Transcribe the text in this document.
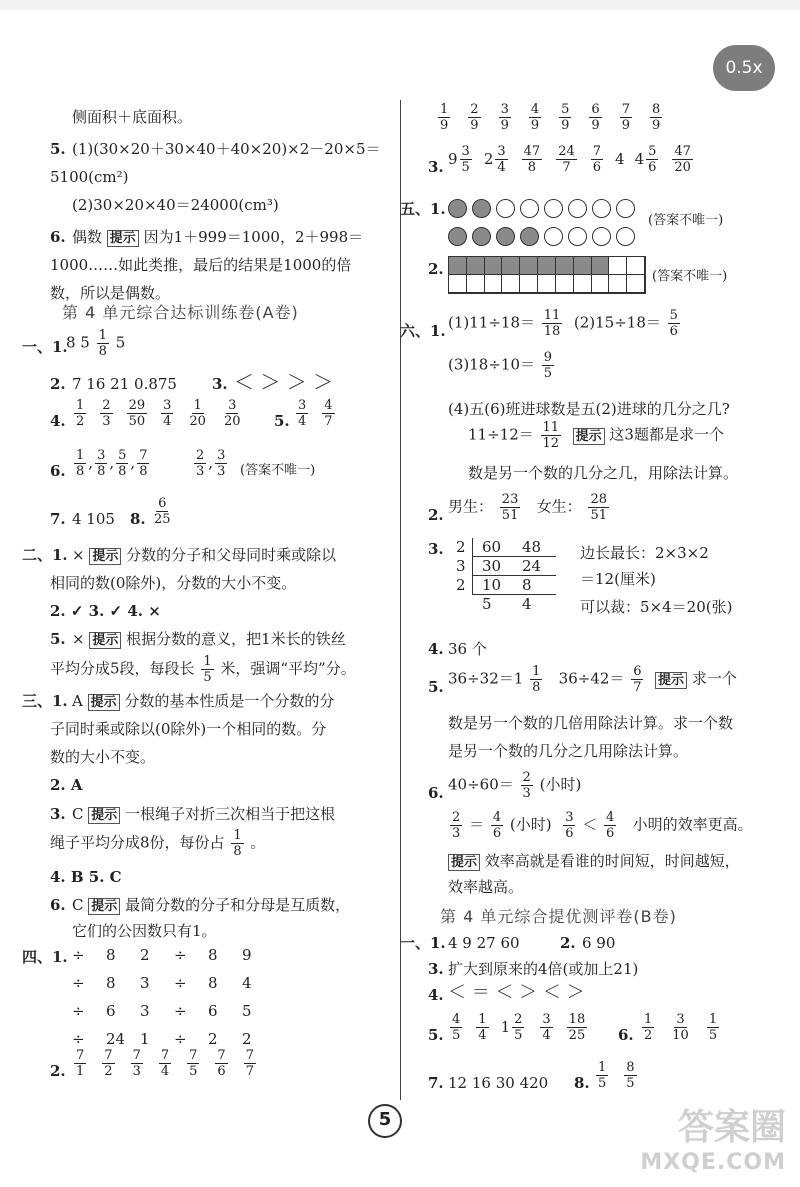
0.5x
侧面积＋底面积。
5. (1)(30×20＋30×40＋40×20)×2－20×5＝
5100(cm²)
(2)30×20×40＝24000(cm³)
6. 偶数 提示 因为1＋999＝1000，2＋998＝
1000……如此类推，最后的结果是1000的倍
数，所以是偶数。
第 4 单元综合达标训练卷(A卷)
一、1.
8 $5 \frac{1}{8} 5$
2. 7 16 21 0.875 3. ＜ ＞ ＞ ＞
4. $\frac{1}{2} \frac{2}{3} \frac{29}{50} \frac{3}{4} \frac{1}{20} \frac{3}{20} 5$. $\frac{3}{4} \frac{4}{7}$
6. $\frac{1}{8}$ , $\frac{3}{8}$ , $\frac{5}{8}$ , $\frac{7}{8}$	$\frac{2}{3}$ , $\frac{3}{3}$ (答案不唯一)
7. 4 105 8. $\frac{6}{25}$
二、1. × 提示 分数的分子和父母同时乘或除以
相同的数(0除外)，分数的大小不变。
2. ✓ 3. ✓ 4. ×
5. × 提示 根据分数的意义，把1米长的铁丝
平均分成5段，每段长 $\frac{1}{5}$ 米，强调“平均”分。
三、1. A 提示 分数的基本性质是一个分数的分
子同时乘或除以(0除外)一个相同的数。分
数的大小不变。
2. A
3. C 提示 一根绳子对折三次相当于把这根
绳子平均分成8份，每份占 $\frac{1}{8}$ 。
4. B 5. C
6. C 提示 最简分数的分子和分母是互质数，
它们的公因数只有1。
四、1. ÷ 8 2 ÷ 8 9
÷ 8 3 ÷ 8 4
÷ 6 3 ÷ 6 5
÷ 24 1 ÷ 2 2
2. $\frac{7}{1} \frac{7}{2} \frac{7}{3} \frac{7}{4} \frac{7}{5} \frac{7}{6} \frac{7}{7}$
$\frac{1}{9} \frac{2}{9} \frac{3}{9} \frac{4}{9} \frac{5}{9} \frac{6}{9} \frac{7}{9} \frac{8}{9}$
3. $9 \frac{3}{5} 2 \frac{3}{4} \frac{47}{8} \frac{24}{7} \frac{7}{6} 4$ $4 \frac{5}{6} \frac{47}{20}$
五、1.
(答案不唯一)
2.	(答案不唯一)
六、1. $(1)11\div 18= \frac{11}{18} (2)15\div 18= \frac{5}{6}$
$(3)18\div 10= \frac{9}{5}$
(4)五(6)班进球数是五(2)进球的几分之几?
$11\div 12= \frac{11}{12}$ 提示 这3题都是求一个
数是另一个数的几分之几，用除法计算。
2. 男生： $\frac{23}{51}$ 女生： $\frac{28}{51}$
3. 2 60 48
3 30 24
2 10 8
5 4
边长最长：2×3×2
＝12(厘米)
可以裁：5×4＝20(张)
4. 36 个
5. $36\div 32=1 \frac{1}{8} 36\div 42= \frac{6}{7}$ 提示 求一个
数是另一个数的几倍用除法计算。求一个数
是另一个数的几分之几用除法计算。
6. $40\div 60= \frac{2}{3}$ (小时)
$\frac{2}{3} = \frac{4}{6}$ (小时) $\frac{3}{6} < \frac{4}{6}$ 小明的效率更高。
提示 效率高就是看谁的时间短，时间越短，
效率越高。
第 4 单元综合提优测评卷(B卷)
一、1. 4 9 27 60	2. 6 90
3. 扩大到原来的4倍(或加上21)
4. ＜ ＝ ＜ ＞ ＜ ＞
5. $\frac{4}{5} \frac{1}{4} 1 \frac{2}{5} \frac{3}{4} \frac{18}{25} 6$. $\frac{1}{2} \frac{3}{10} \frac{1}{5}$
7. 12 16 30 420 8. $\frac{1}{5} \frac{8}{5}$
5	答案圈
MXQE.COM
